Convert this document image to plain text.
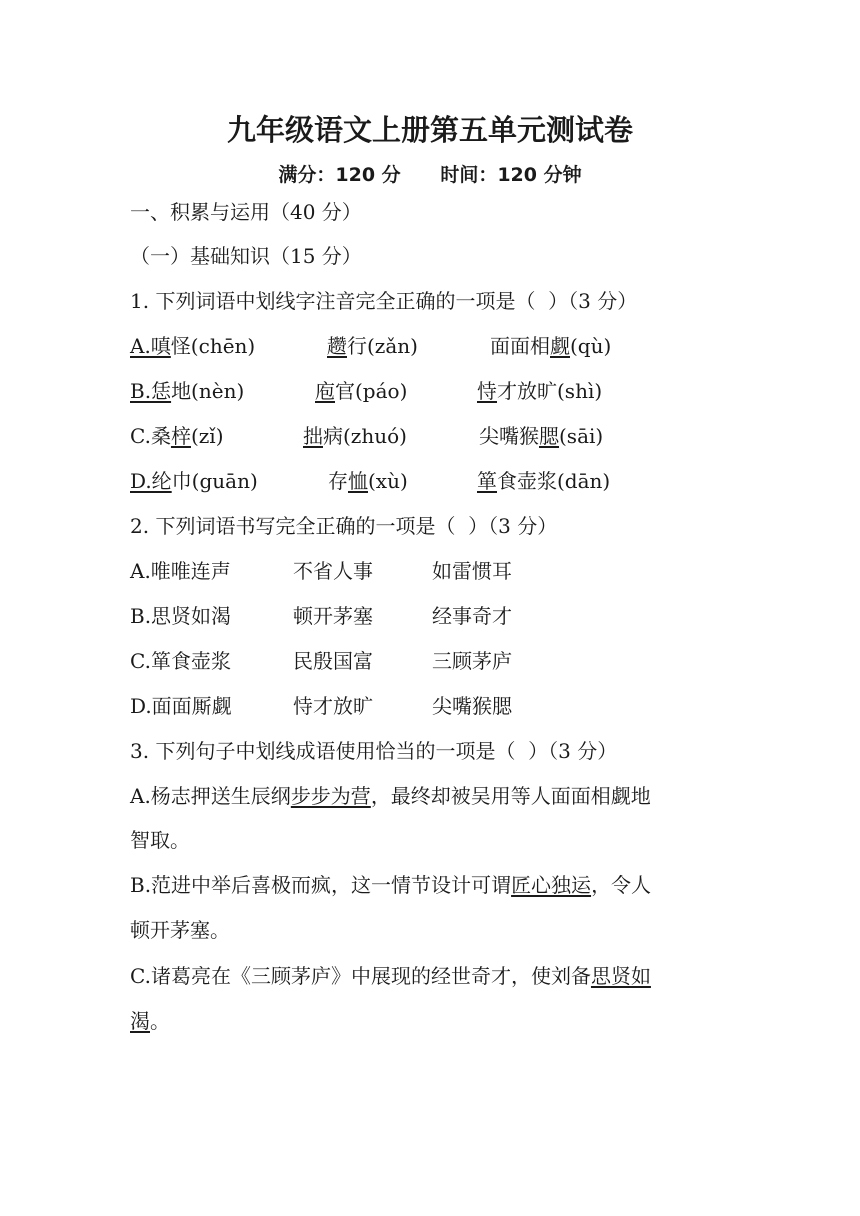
九年级语文上册第五单元测试卷
满分：120 分      时间：120 分钟
一、积累与运用（40 分）
（一）基础知识（15 分）
1. 下列词语中划线字注音完全正确的一项是（  ）（3 分）
A.嗔怪(chēn)	趱行(zǎn)	面面相觑(qù)
B.恁地(nèn)	庖官(páo)	恃才放旷(shì)
C.桑梓(zǐ)	拙病(zhuó)	尖嘴猴腮(sāi)
D.纶巾(guān)	存恤(xù)	箪食壶浆(dān)
2. 下列词语书写完全正确的一项是（  ）（3 分）
A.唯唯连声	不省人事	如雷惯耳
B.思贤如渴	顿开茅塞	经事奇才
C.箪食壶浆	民殷国富	三顾茅庐
D.面面厮觑	恃才放旷	尖嘴猴腮
3. 下列句子中划线成语使用恰当的一项是（  ）（3 分）
A.杨志押送生辰纲步步为营，最终却被吴用等人面面相觑地
智取。
B.范进中举后喜极而疯，这一情节设计可谓匠心独运，令人
顿开茅塞。
C.诸葛亮在《三顾茅庐》中展现的经世奇才，使刘备思贤如
渴。
